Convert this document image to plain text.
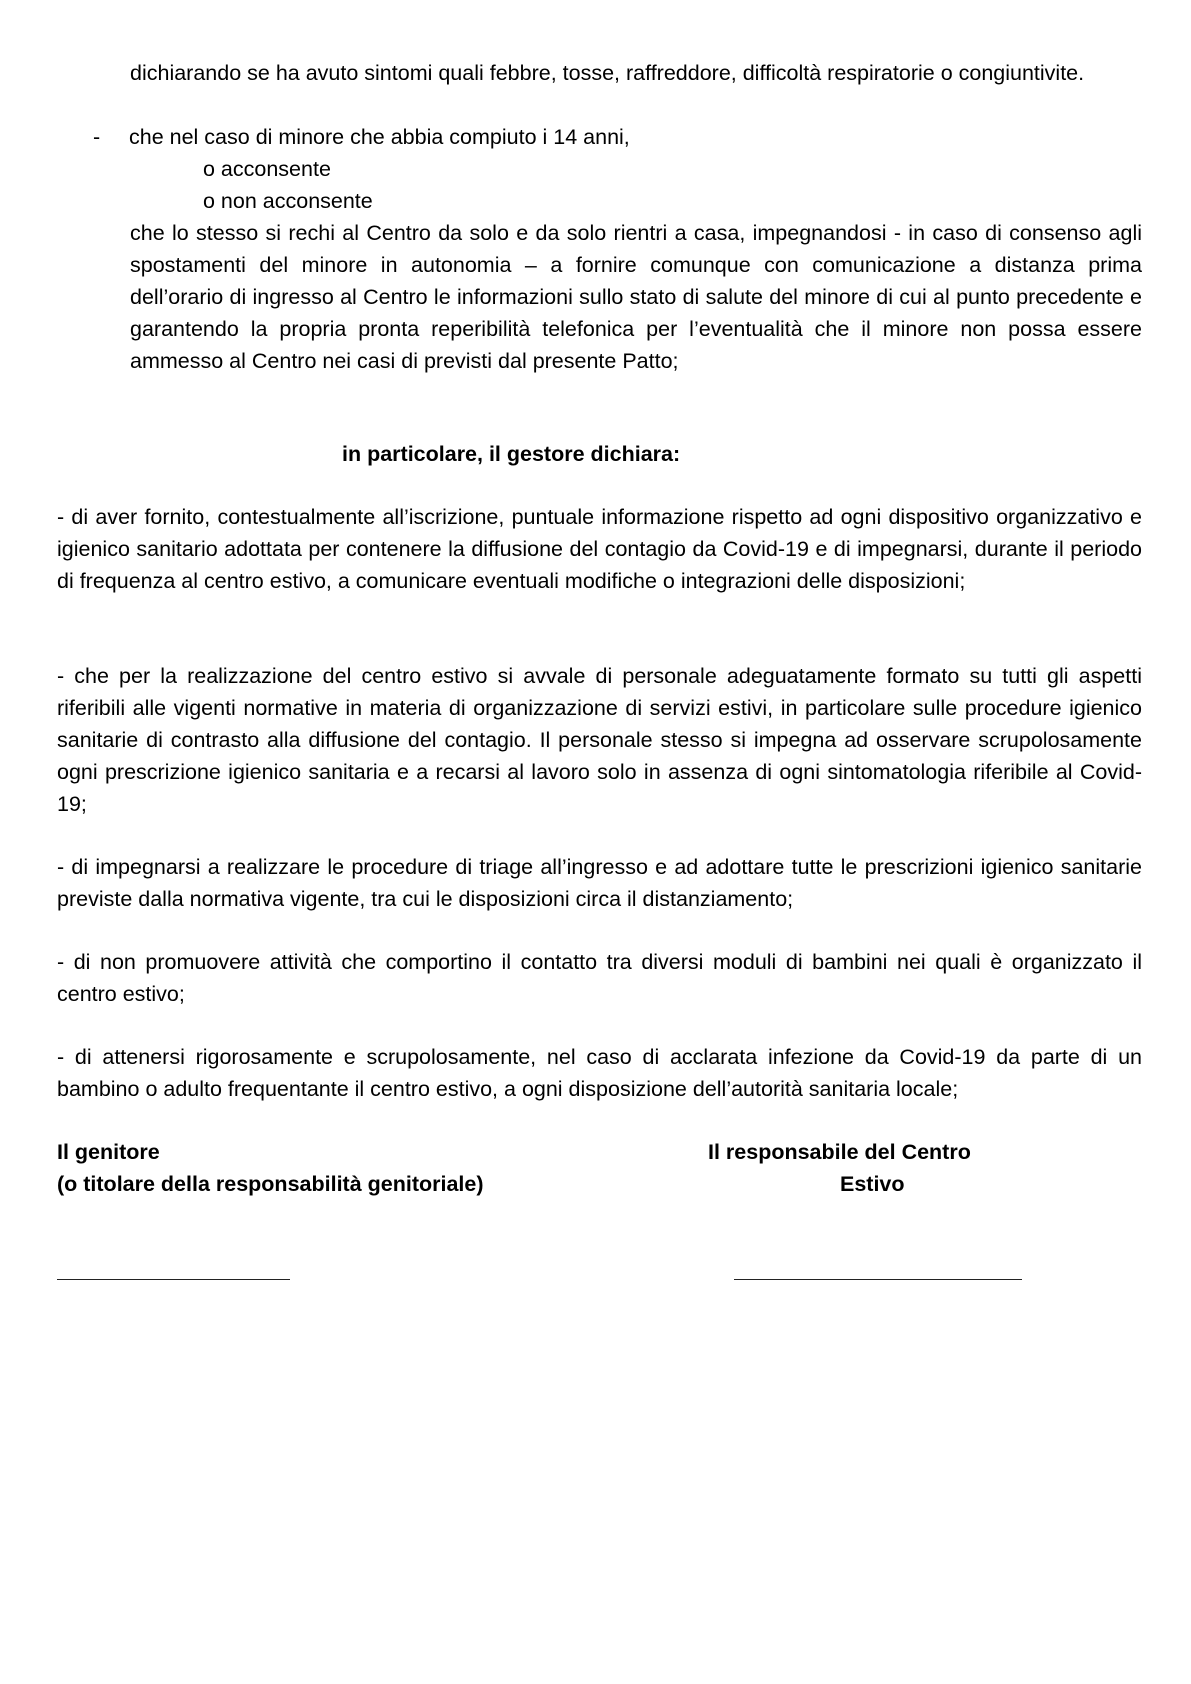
dichiarando se ha avuto sintomi quali febbre, tosse, raffreddore, difficoltà respiratorie o congiuntivite.

- che nel caso di minore che abbia compiuto i 14 anni,
o acconsente
o non acconsente

che lo stesso si rechi al Centro da solo e da solo rientri a casa, impegnandosi - in caso di consenso agli spostamenti del minore in autonomia – a fornire comunque con comunicazione a distanza prima dell’orario di ingresso al Centro le informazioni sullo stato di salute del minore di cui al punto precedente e garantendo la propria pronta reperibilità telefonica per l’eventualità che il minore non possa essere ammesso al Centro nei casi di previsti dal presente Patto;

in particolare, il gestore dichiara:

- di aver fornito, contestualmente all’iscrizione, puntuale informazione rispetto ad ogni dispositivo organizzativo e igienico sanitario adottata per contenere la diffusione del contagio da Covid-19 e di impegnarsi, durante il periodo di frequenza al centro estivo, a comunicare eventuali modifiche o integrazioni delle disposizioni;

- che per la realizzazione del centro estivo si avvale di personale adeguatamente formato su tutti gli aspetti riferibili alle vigenti normative in materia di organizzazione di servizi estivi, in particolare sulle procedure igienico sanitarie di contrasto alla diffusione del contagio. Il personale stesso si impegna ad osservare scrupolosamente ogni prescrizione igienico sanitaria e a recarsi al lavoro solo in assenza di ogni sintomatologia riferibile al Covid-19;

- di impegnarsi a realizzare le procedure di triage all’ingresso e ad adottare tutte le prescrizioni igienico sanitarie previste dalla normativa vigente, tra cui le disposizioni circa il distanziamento;

- di non promuovere attività che comportino il contatto tra diversi moduli di bambini nei quali è organizzato il centro estivo;

- di attenersi rigorosamente e scrupolosamente, nel caso di acclarata infezione da Covid-19 da parte di un bambino o adulto frequentante il centro estivo, a ogni disposizione dell’autorità sanitaria locale;

Il genitore
(o titolare della responsabilità genitoriale)
Il responsabile del Centro
Estivo
